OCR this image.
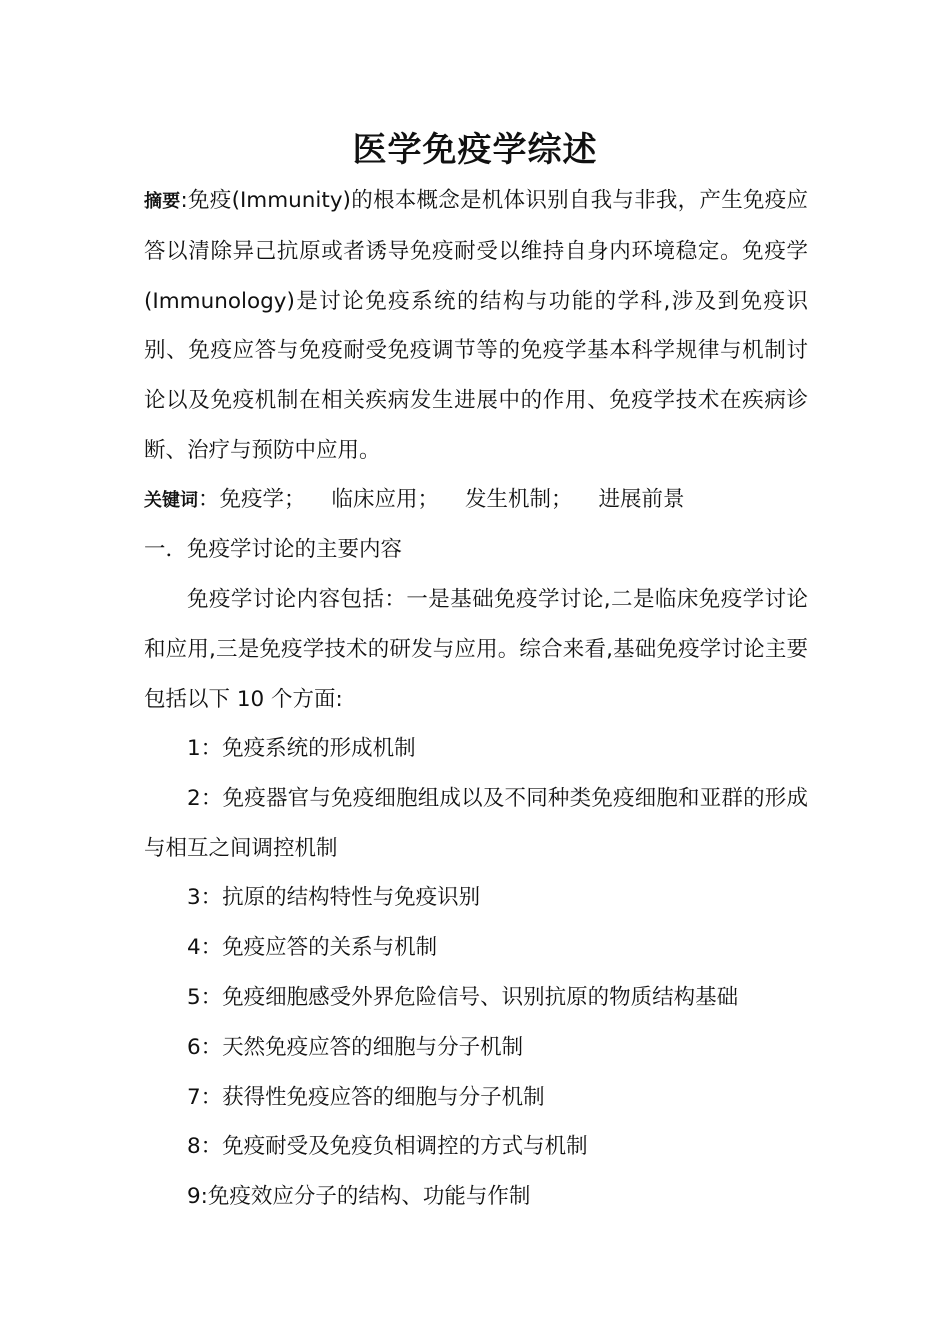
医学免疫学综述
摘要:免疫(Immunity)的根本概念是机体识别自我与非我，产生免疫应答以清除异己抗原或者诱导免疫耐受以维持自身内环境稳定。免疫学(Immunology)是讨论免疫系统的结构与功能的学科,涉及到免疫识别、免疫应答与免疫耐受免疫调节等的免疫学基本科学规律与机制讨论以及免疫机制在相关疾病发生进展中的作用、免疫学技术在疾病诊断、治疗与预防中应用。
关键词：免疫学； 临床应用； 发生机制； 进展前景
一．免疫学讨论的主要内容
免疫学讨论内容包括：一是基础免疫学讨论,二是临床免疫学讨论和应用,三是免疫学技术的研发与应用。综合来看,基础免疫学讨论主要包括以下 10 个方面:
1：免疫系统的形成机制
2：免疫器官与免疫细胞组成以及不同种类免疫细胞和亚群的形成与相互之间调控机制
3：抗原的结构特性与免疫识别
4：免疫应答的关系与机制
5：免疫细胞感受外界危险信号、识别抗原的物质结构基础
6：天然免疫应答的细胞与分子机制
7：获得性免疫应答的细胞与分子机制
8：免疫耐受及免疫负相调控的方式与机制
9:免疫效应分子的结构、功能与作制
